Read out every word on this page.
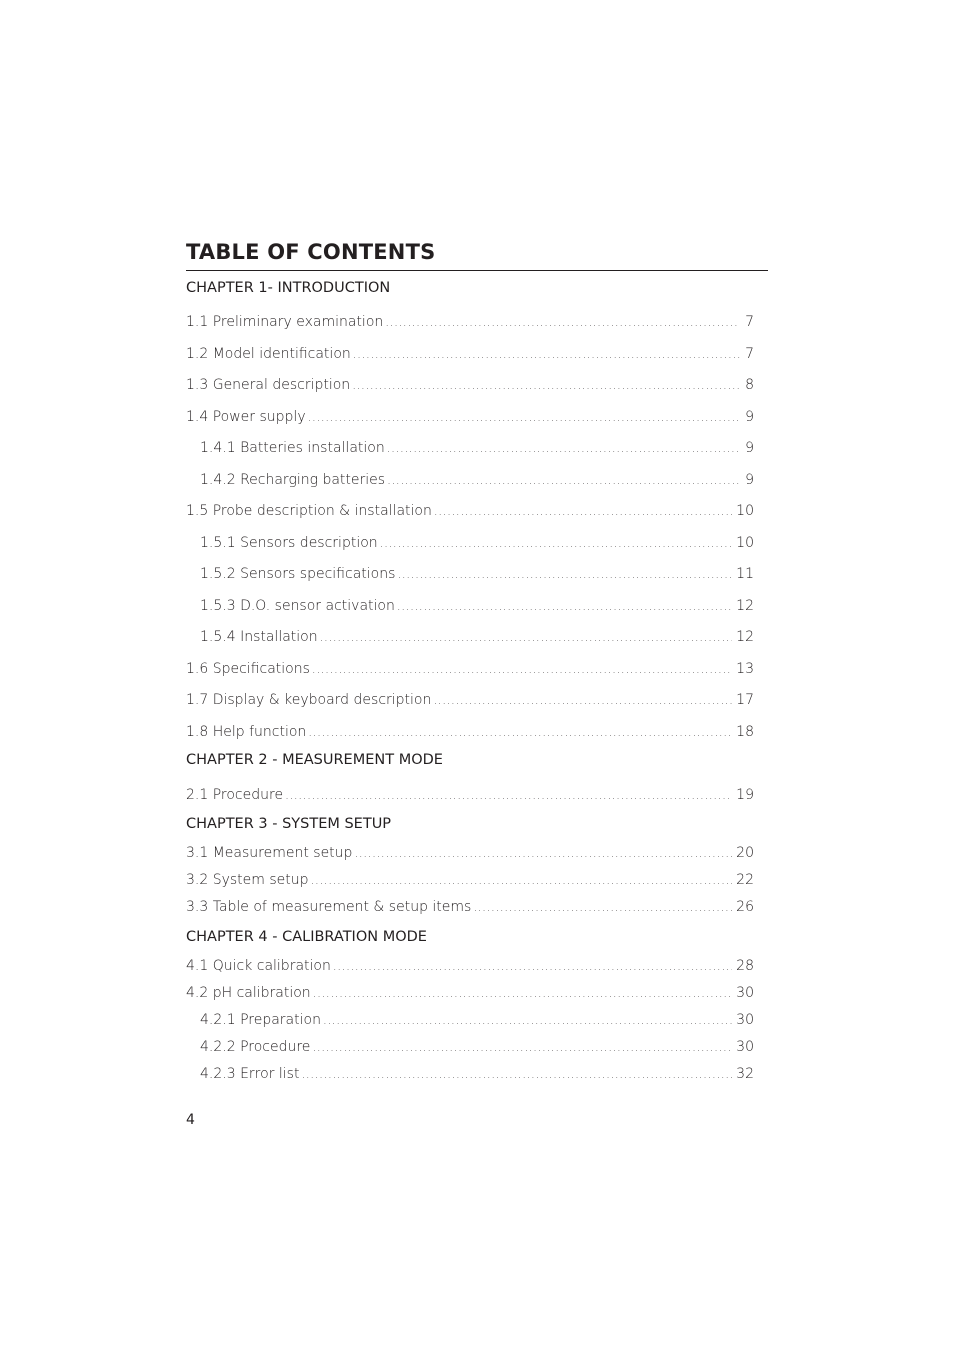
TABLE OF CONTENTS
CHAPTER 1- INTRODUCTION
1.1 Preliminary examination .....	7
1.2 Model identification .....	7
1.3 General description .....	8
1.4 Power supply .....	9
1.4.1 Batteries installation .....	9
1.4.2 Recharging batteries .....	9
1.5 Probe description & installation .....	10
1.5.1 Sensors description .....	10
1.5.2 Sensors specifications .....	11
1.5.3 D.O. sensor activation .....	12
1.5.4 Installation .....	12
1.6 Specifications .....	13
1.7 Display & keyboard description .....	17
1.8 Help function .....	18
CHAPTER 2 - MEASUREMENT MODE
2.1 Procedure .....	19
CHAPTER 3 - SYSTEM SETUP
3.1 Measurement setup .....	20
3.2 System setup .....	22
3.3 Table of measurement & setup items .....	26
CHAPTER 4 - CALIBRATION MODE
4.1 Quick calibration .....	28
4.2 pH calibration .....	30
4.2.1 Preparation .....	30
4.2.2 Procedure .....	30
4.2.3 Error list .....	32
4
